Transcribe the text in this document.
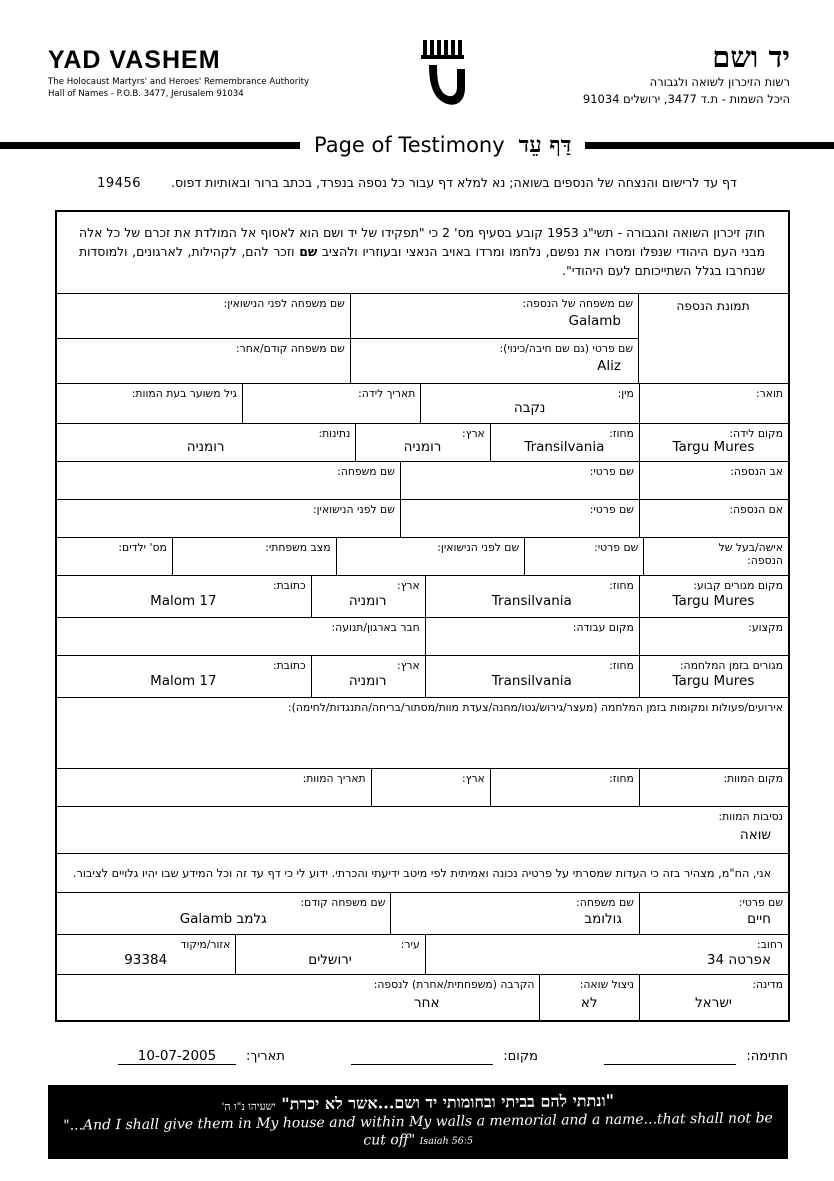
YAD VASHEM
The Holocaust Martyrs' and Heroes' Remembrance Authority
Hall of Names - P.O.B. 3477, Jerusalem 91034
יד ושם
רשות הזיכרון לשואה ולגבורה
היכל השמות - ת.ד 3477, ירושלים 91034
Page of Testimony דַּף עֵד
דף עד לרישום והנצחה של הנספים בשואה; נא למלא דף עבור כל נספה בנפרד, בכתב ברור ובאותיות דפוס.19456
חוק זיכרון השואה והגבורה - תשי"ג 1953 קובע בסעיף מס' 2 כי "תפקידו של יד ושם הוא לאסוף אל המולדת את זכרם של כל אלה מבני העם היהודי שנפלו ומסרו את נפשם, נלחמו ומרדו באויב הנאצי ובעוזריו ולהציב שם וזכר להם, לקהילות, לארגונים, ולמוסדות שנחרבו בגלל השתייכותם לעם היהודי".
תמונת הנספה
שם משפחה של הנספה:
Galamb
שם משפחה לפני הנישואין:
שם פרטי (גם שם חיבה/כינוי):
Aliz
שם משפחה קודם/אחר:
תואר:
מין:
נקבה
תאריך לידה:
גיל משוער בעת המוות:
מקום לידה:
Targu Mures
מחוז:
Transilvania
ארץ:
רומניה
נתינות:
רומניה
אב הנספה:
שם פרטי:
שם משפחה:
אם הנספה:
שם פרטי:
שם לפני הנישואין:
אישה/בעל של הנספה:
שם פרטי:
שם לפני הנישואין:
מצב משפחתי:
מס' ילדים:
מקום מגורים קבוע:
Targu Mures
מחוז:
Transilvania
ארץ:
רומניה
כתובת:
Malom 17
מקצוע:
מקום עבודה:
חבר בארגון/תנועה:
מגורים בזמן המלחמה:
Targu Mures
מחוז:
Transilvania
ארץ:
רומניה
כתובת:
Malom 17
אירועים/פעולות ומקומות בזמן המלחמה (מעצר/גירוש/גטו/מחנה/צעדת מוות/מסתור/בריחה/התנגדות/לחימה):
מקום המוות:
מחוז:
ארץ:
תאריך המוות:
נסיבות המוות:
שואה
אני, הח"מ, מצהיר בזה כי העדות שמסרתי על פרטיה נכונה ואמיתית לפי מיטב ידיעתי והכרתי. ידוע לי כי דף עד זה וכל המידע שבו יהיו גלויים לציבור.
שם פרטי:
חיים
שם משפחה:
גולומב
שם משפחה קודם:
גלמב Galamb
רחוב:
אפרטה 34
עיר:
ירושלים
אזור/מיקוד
93384
מדינה:
ישראל
ניצול שואה:
לא
הקרבה (משפחתית/אחרת) לנספה:
אחר
חתימה:
מקום:
תאריך:
10-07-2005
"ונתתי להם בביתי ובחומותי יד ושם...אשר לא יכרת" ישעיהו נ"ו ה'
"...And I shall give them in My house and within My walls a memorial and a name...that shall not be cut off" Isaiah 56:5
